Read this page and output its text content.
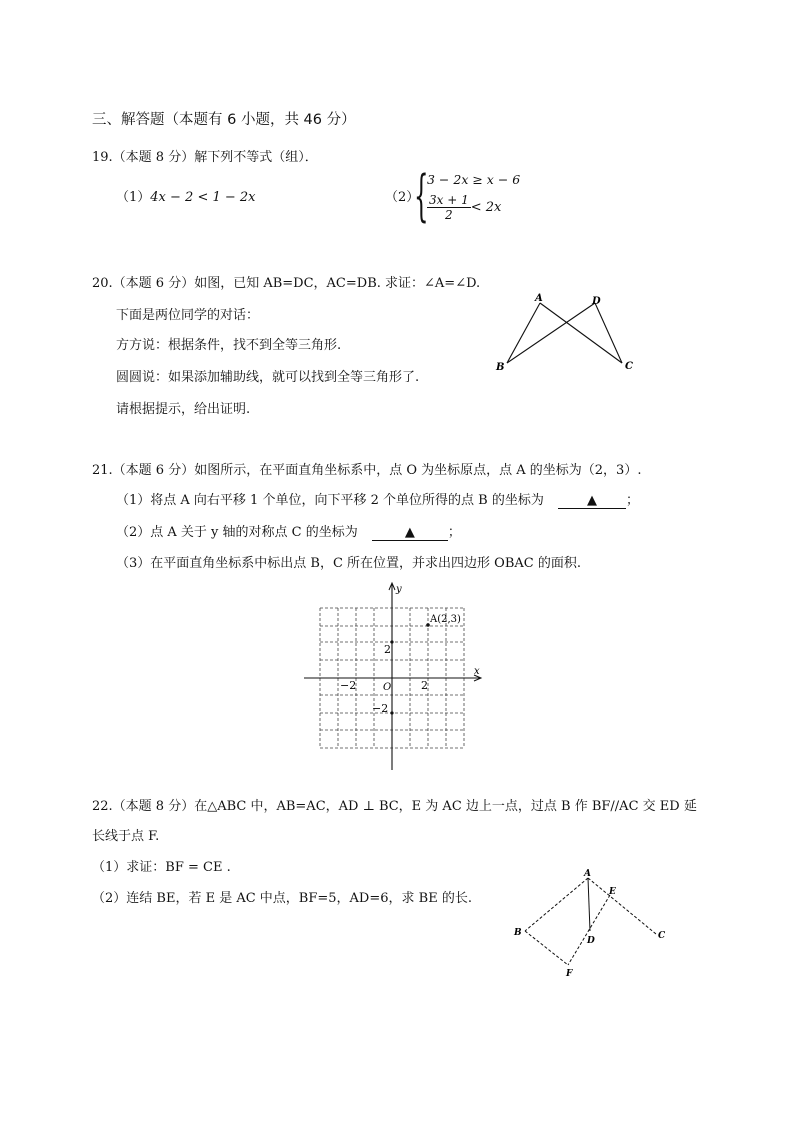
三、解答题（本题有 6 小题，共 46 分）
19.（本题 8 分）解下列不等式（组）．
（1）4x − 2 < 1 − 2x	（2）
{
3 − 2x ≥ x − 6
$\frac{3x + 1}{2} < 2x$
20.（本题 6 分）如图，已知 AB=DC，AC=DB. 求证：∠A=∠D.
下面是两位同学的对话：
方方说：根据条件，找不到全等三角形.
圆圆说：如果添加辅助线，就可以找到全等三角形了.
请根据提示，给出证明.
A	D
B	C
21.（本题 6 分）如图所示，在平面直角坐标系中，点 O 为坐标原点，点 A 的坐标为（2，3）.
（1）将点 A 向右平移 1 个单位，向下平移 2 个单位所得的点 B 的坐标为	▲ ；
（2）点 A 关于 y 轴的对称点 C 的坐标为	▲	；
（3）在平面直角坐标系中标出点 B，C 所在位置，并求出四边形 OBAC 的面积.
x
y
O
−2	2
2
−2
A(2,3)
22.（本题 8 分）在△ABC 中，AB=AC，AD ⊥ BC，E 为 AC 边上一点，过点 B 作 BF//AC 交 ED 延
长线于点 F.
（1）求证：BF = CE .
（2）连结 BE，若 E 是 AC 中点，BF=5，AD=6，求 BE 的长.
A
E
B
D	C
F
